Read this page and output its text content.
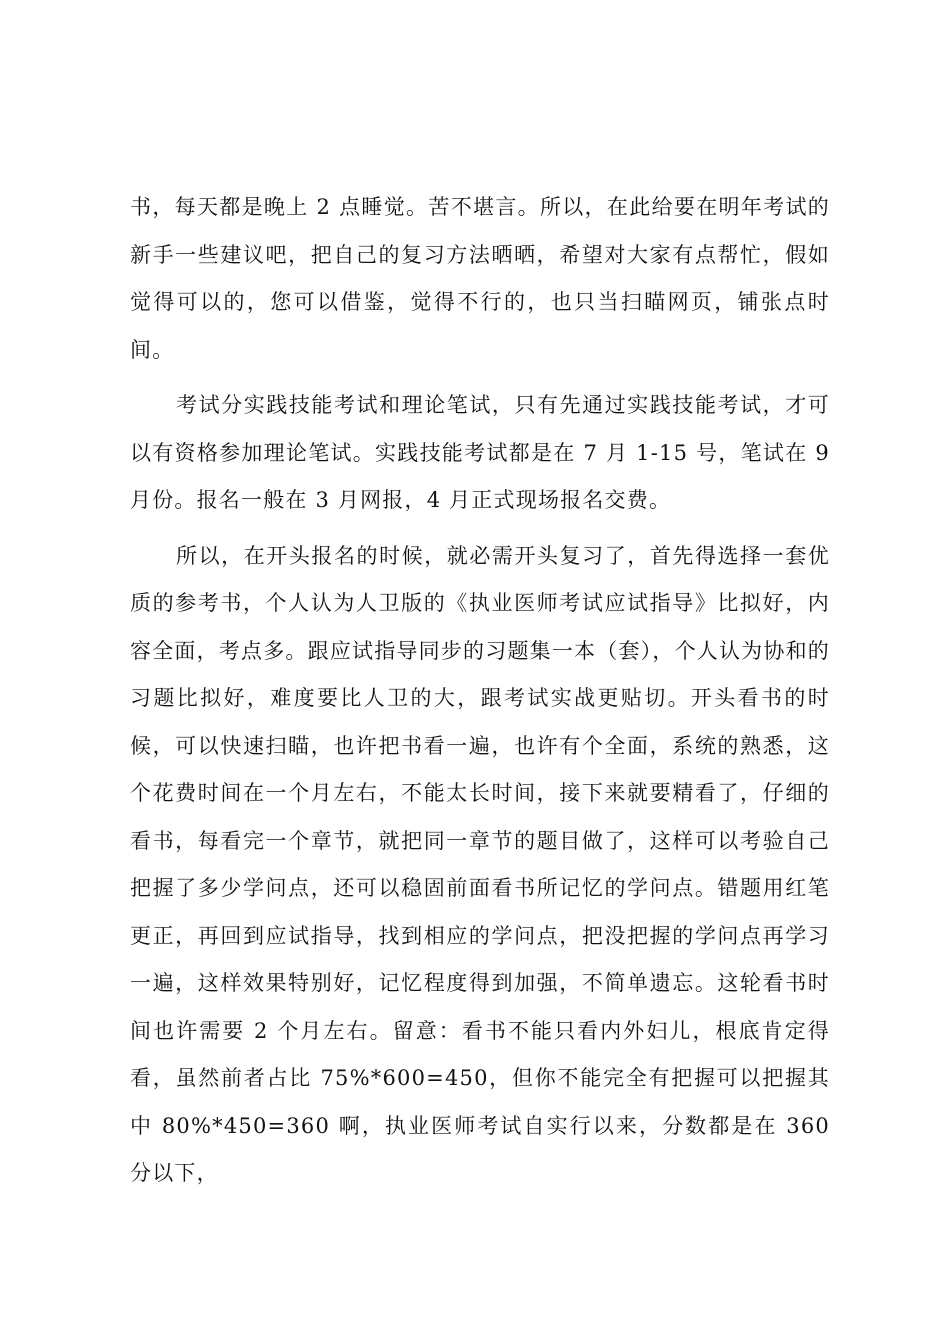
书，每天都是晚上 2 点睡觉。苦不堪言。所以，在此给要在明年考试的新手一些建议吧，把自己的复习方法晒晒，希望对大家有点帮忙，假如觉得可以的，您可以借鉴，觉得不行的，也只当扫瞄网页，铺张点时间。

考试分实践技能考试和理论笔试，只有先通过实践技能考试，才可以有资格参加理论笔试。实践技能考试都是在 7 月 1-15 号，笔试在 9 月份。报名一般在 3 月网报，4 月正式现场报名交费。

所以，在开头报名的时候，就必需开头复习了，首先得选择一套优质的参考书，个人认为人卫版的《执业医师考试应试指导》比拟好，内容全面，考点多。跟应试指导同步的习题集一本（套），个人认为协和的习题比拟好，难度要比人卫的大，跟考试实战更贴切。开头看书的时候，可以快速扫瞄，也许把书看一遍，也许有个全面，系统的熟悉，这个花费时间在一个月左右，不能太长时间，接下来就要精看了，仔细的看书，每看完一个章节，就把同一章节的题目做了，这样可以考验自己把握了多少学问点，还可以稳固前面看书所记忆的学问点。错题用红笔更正，再回到应试指导，找到相应的学问点，把没把握的学问点再学习一遍，这样效果特别好，记忆程度得到加强，不简单遗忘。这轮看书时间也许需要 2 个月左右。留意：看书不能只看内外妇儿，根底肯定得看，虽然前者占比 75%*600=450，但你不能完全有把握可以把握其中 80%*450=360 啊，执业医师考试自实行以来，分数都是在 360 分以下，
